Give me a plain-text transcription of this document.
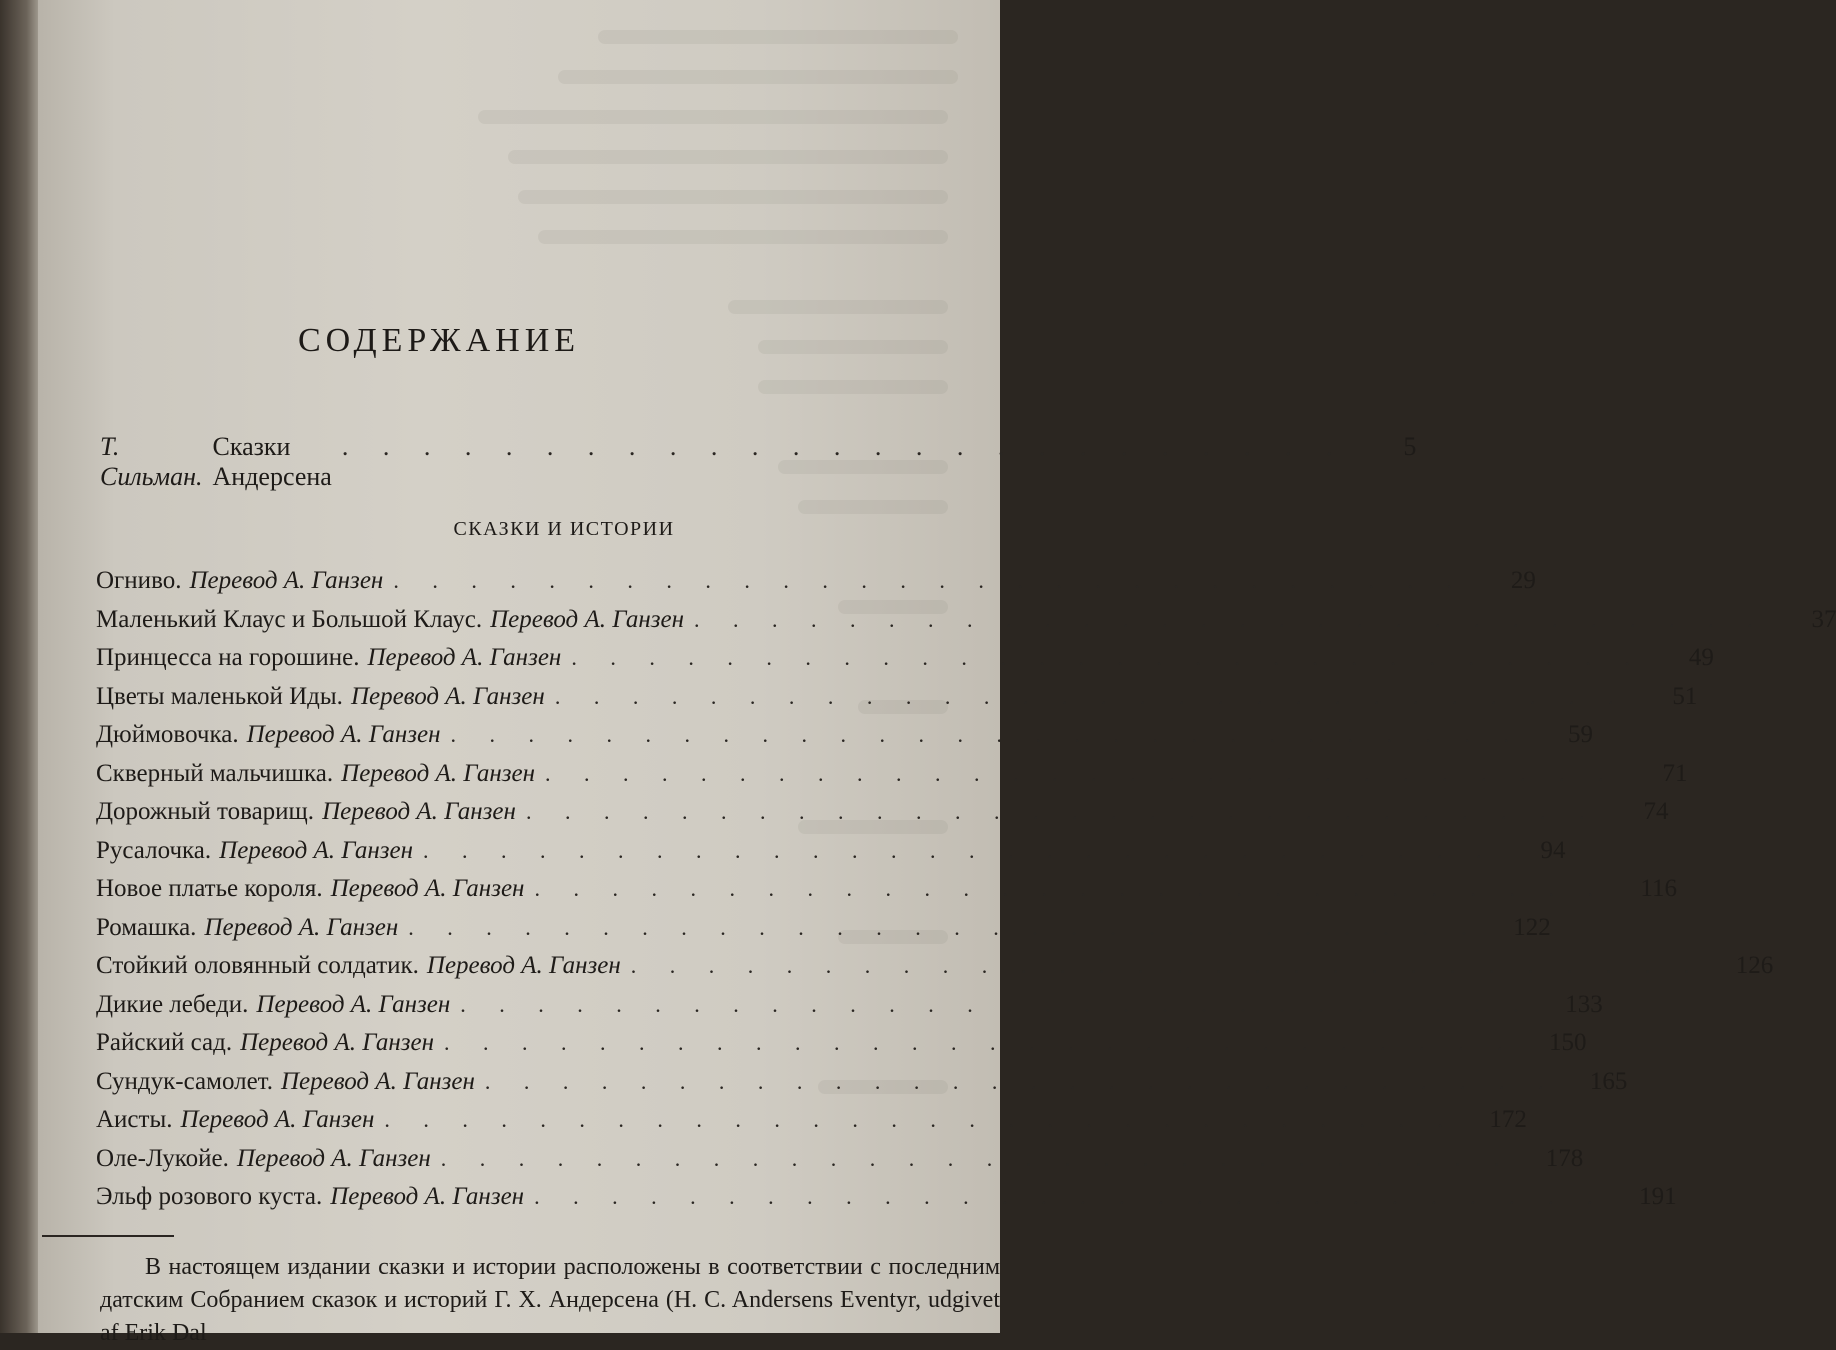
СОДЕРЖАНИЕ
Т. Сильман.
Сказки Андерсена
. . . . . . . . . . . . . . . . . . . . . . . . .	5
СКАЗКИ И ИСТОРИИ
Огниво. Перевод А. Ганзен . . . . . . . . . . . . . . . . . . . . . . . . . . . .	29
Маленький Клаус и Большой Клаус. Перевод А. Ганзен . . . . . . . . . . . . . . . . . . . . . . . . . . . .	37
Принцесса на горошине. Перевод А. Ганзен . . . . . . . . . . . . . . . . . . . . . . . . . . . .	49
Цветы маленькой Иды. Перевод А. Ганзен . . . . . . . . . . . . . . . . . . . . . . . . . . . .	51
Дюймовочка. Перевод А. Ганзен . . . . . . . . . . . . . . . . . . . . . . . . . . . .	59
Скверный мальчишка. Перевод А. Ганзен . . . . . . . . . . . . . . . . . . . . . . . . . . . .	71
Дорожный товарищ. Перевод А. Ганзен . . . . . . . . . . . . . . . . . . . . . . . . . . . .	74
Русалочка. Перевод А. Ганзен . . . . . . . . . . . . . . . . . . . . . . . . . . . .	94
Новое платье короля. Перевод А. Ганзен . . . . . . . . . . . . . . . . . . . . . . . . . . . .	116
Ромашка. Перевод А. Ганзен . . . . . . . . . . . . . . . . . . . . . . . . . . . .	122
Стойкий оловянный солдатик. Перевод А. Ганзен . . . . . . . . . . . . . . . . . . . . . . . . . . . .	126
Дикие лебеди. Перевод А. Ганзен . . . . . . . . . . . . . . . . . . . . . . . . . . . .	133
Райский сад. Перевод А. Ганзен . . . . . . . . . . . . . . . . . . . . . . . . . . . .	150
Сундук-самолет. Перевод А. Ганзен . . . . . . . . . . . . . . . . . . . . . . . . . . . .	165
Аисты. Перевод А. Ганзен . . . . . . . . . . . . . . . . . . . . . . . . . . . .	172
Оле-Лукойе. Перевод А. Ганзен . . . . . . . . . . . . . . . . . . . . . . . . . . . .	178
Эльф розового куста. Перевод А. Ганзен . . . . . . . . . . . . . . . . . . . . . . . . . . . .	191

В настоящем издании сказки и истории расположены в соответствии с последним датским Собранием сказок и историй Г. Х. Андерсена (H. C. Andersens Eventyr, udgivet af Erik Dal
